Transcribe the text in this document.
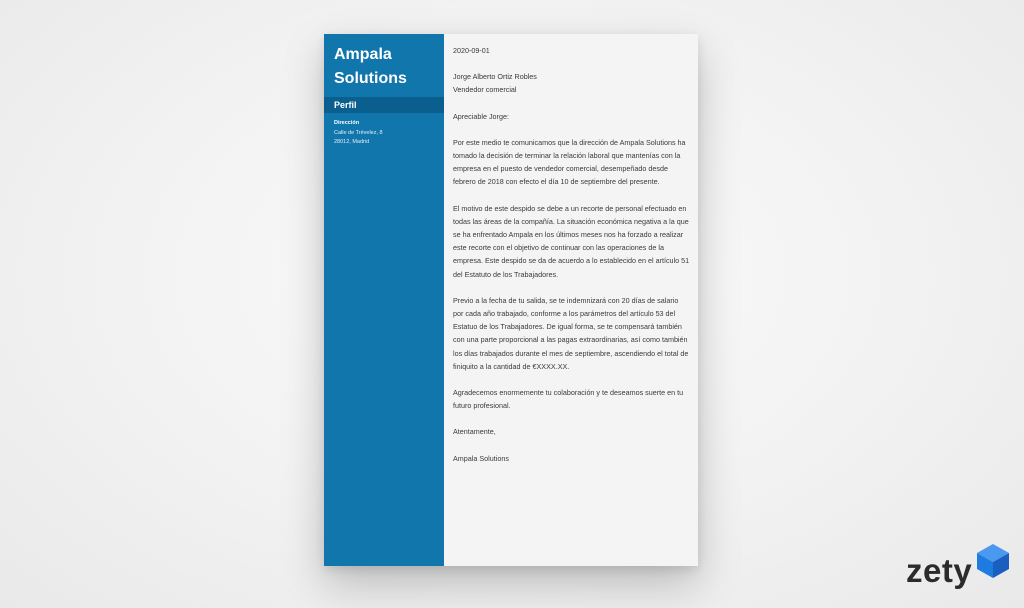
Ampala
Solutions
Perfil
Dirección
Calle de Trévelez, 8
28012, Madrid

2020-09-01

Jorge Alberto Ortiz Robles

Vendedor comercial

Apreciable Jorge:

Por este medio te comunicamos que la dirección de Ampala Solutions ha tomado la decisión de terminar la relación laboral que mantenías con la empresa en el puesto de vendedor comercial, desempeñado desde febrero de 2018 con efecto el día 10 de septiembre del presente.

El motivo de este despido se debe a un recorte de personal efectuado en todas las áreas de la compañía. La situación económica negativa a la que se ha enfrentado Ampala en los últimos meses nos ha forzado a realizar este recorte con el objetivo de continuar con las operaciones de la empresa. Este despido se da de acuerdo a lo establecido en el artículo 51 del Estatuto de los Trabajadores.

Previo a la fecha de tu salida, se te indemnizará con 20 días de salario por cada año trabajado, conforme a los parámetros del artículo 53 del Estatuo de los Trabajadores. De igual forma, se te compensará también con una parte proporcional a las pagas extraordinarias, así como también los días trabajados durante el mes de septiembre, ascendiendo el total de finiquito a la cantidad de €XXXX.XX.

Agradecemos enormemente tu colaboración y te deseamos suerte en tu futuro profesional.

Atentamente,

Ampala Solutions

zety
